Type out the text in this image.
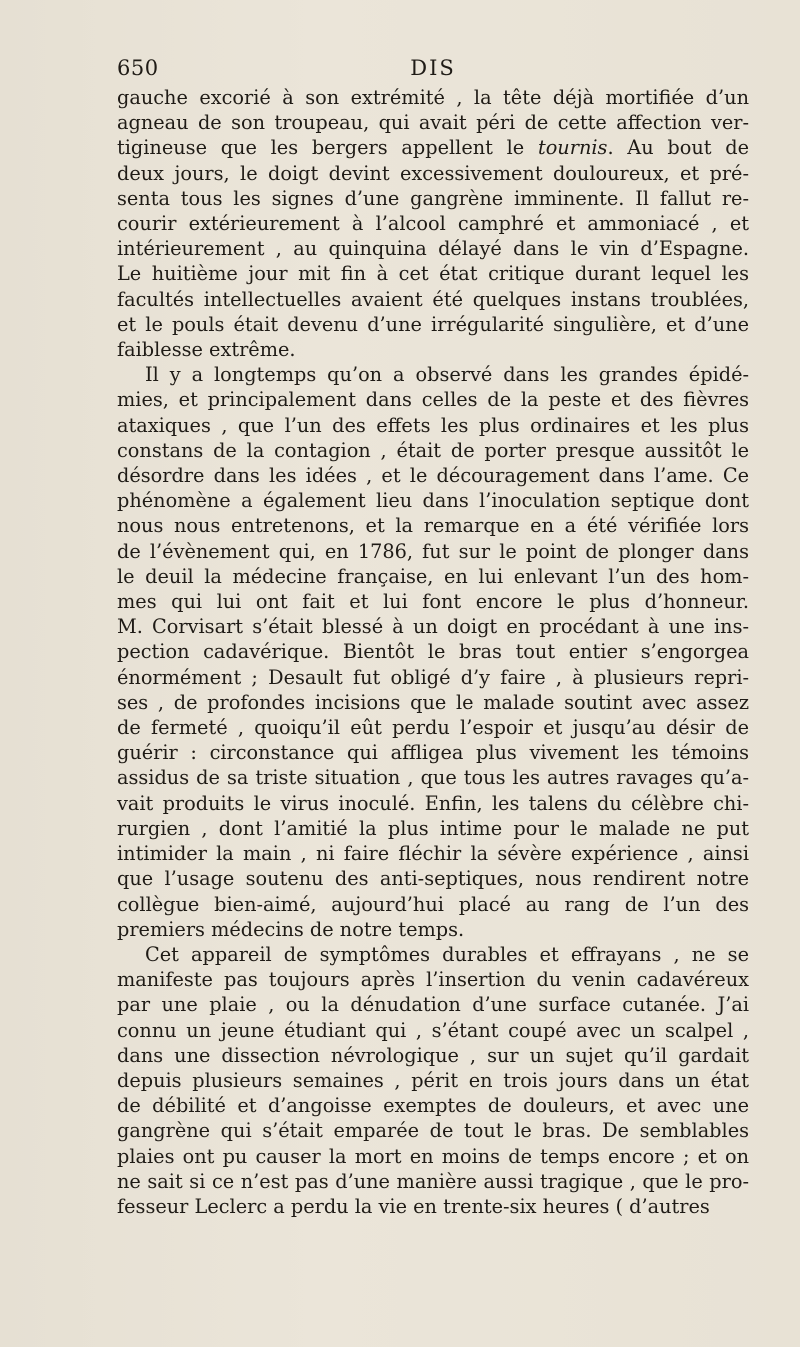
650	DIS
gauche excorié à son extrémité , la tête déjà mortifiée d’un
agneau de son troupeau, qui avait péri de cette affection ver-
tigineuse que les bergers appellent le tournis. Au bout de
deux jours, le doigt devint excessivement douloureux, et pré-
senta tous les signes d’une gangrène imminente. Il fallut re-
courir extérieurement à l’alcool camphré et ammoniacé , et
intérieurement , au quinquina délayé dans le vin d’Espagne.
Le huitième jour mit fin à cet état critique durant lequel les
facultés intellectuelles avaient été quelques instans troublées,
et le pouls était devenu d’une irrégularité singulière, et d’une
faiblesse extrême.
Il y a longtemps qu’on a observé dans les grandes épidé-
mies, et principalement dans celles de la peste et des fièvres
ataxiques , que l’un des effets les plus ordinaires et les plus
constans de la contagion , était de porter presque aussitôt le
désordre dans les idées , et le découragement dans l’ame. Ce
phénomène a également lieu dans l’inoculation septique dont
nous nous entretenons, et la remarque en a été vérifiée lors
de l’évènement qui, en 1786, fut sur le point de plonger dans
le deuil la médecine française, en lui enlevant l’un des hom-
mes qui lui ont fait et lui font encore le plus d’honneur.
M. Corvisart s’était blessé à un doigt en procédant à une ins-
pection cadavérique. Bientôt le bras tout entier s’engorgea
énormément ; Desault fut obligé d’y faire , à plusieurs repri-
ses , de profondes incisions que le malade soutint avec assez
de fermeté , quoiqu’il eût perdu l’espoir et jusqu’au désir de
guérir : circonstance qui affligea plus vivement les témoins
assidus de sa triste situation , que tous les autres ravages qu’a-
vait produits le virus inoculé. Enfin, les talens du célèbre chi-
rurgien , dont l’amitié la plus intime pour le malade ne put
intimider la main , ni faire fléchir la sévère expérience , ainsi
que l’usage soutenu des anti-septiques, nous rendirent notre
collègue bien-aimé, aujourd’hui placé au rang de l’un des
premiers médecins de notre temps.
Cet appareil de symptômes durables et effrayans , ne se
manifeste pas toujours après l’insertion du venin cadavéreux
par une plaie , ou la dénudation d’une surface cutanée. J’ai
connu un jeune étudiant qui , s’étant coupé avec un scalpel ,
dans une dissection névrologique , sur un sujet qu’il gardait
depuis plusieurs semaines , périt en trois jours dans un état
de débilité et d’angoisse exemptes de douleurs, et avec une
gangrène qui s’était emparée de tout le bras. De semblables
plaies ont pu causer la mort en moins de temps encore ; et on
ne sait si ce n’est pas d’une manière aussi tragique , que le pro-
fesseur Leclerc a perdu la vie en trente-six heures ( d’autres
